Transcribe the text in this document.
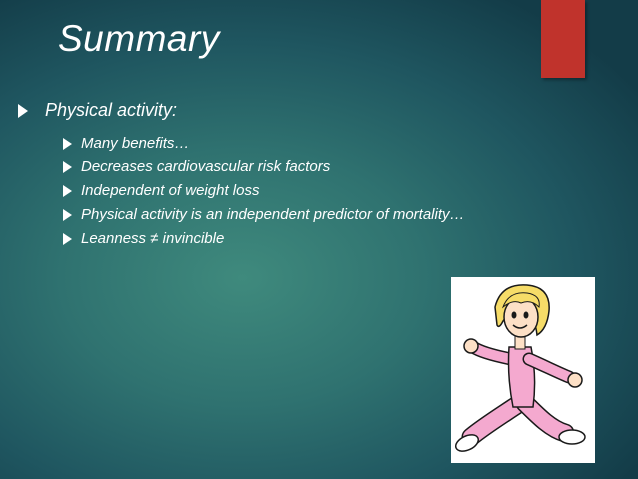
Summary
Physical activity:
Many benefits…
Decreases cardiovascular risk factors
Independent of weight loss
Physical activity is an independent predictor of mortality…
Leanness ≠ invincible
